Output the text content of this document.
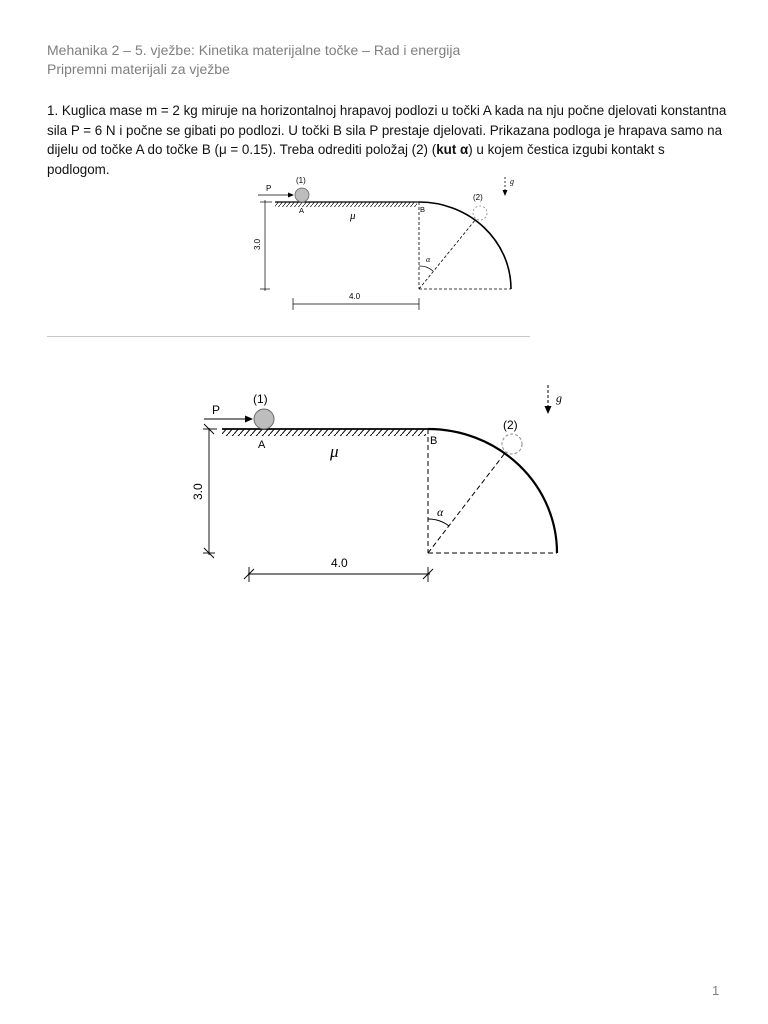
Mehanika 2 – 5. vježbe: Kinetika materijalne točke – Rad i energija
Pripremni materijali za vježbe

1. Kuglica mase m = 2 kg miruje na horizontalnoj hrapavoj podlozi u točki A kada na nju počne djelovati konstantna sila P = 6 N i počne se gibati po podlozi. U točki B sila P prestaje djelovati. Prikazana podloga je hrapava samo na dijelu od točke A do točke B (μ = 0.15). Treba odrediti položaj (2) (kut α) u kojem čestica izgubi kontakt s podlogom.

(1)
(2)
P
A	B
μ
α
g
3.0
4.0
(1)
(2)
P
A	B
μ
α
g
3.0
4.0
1
